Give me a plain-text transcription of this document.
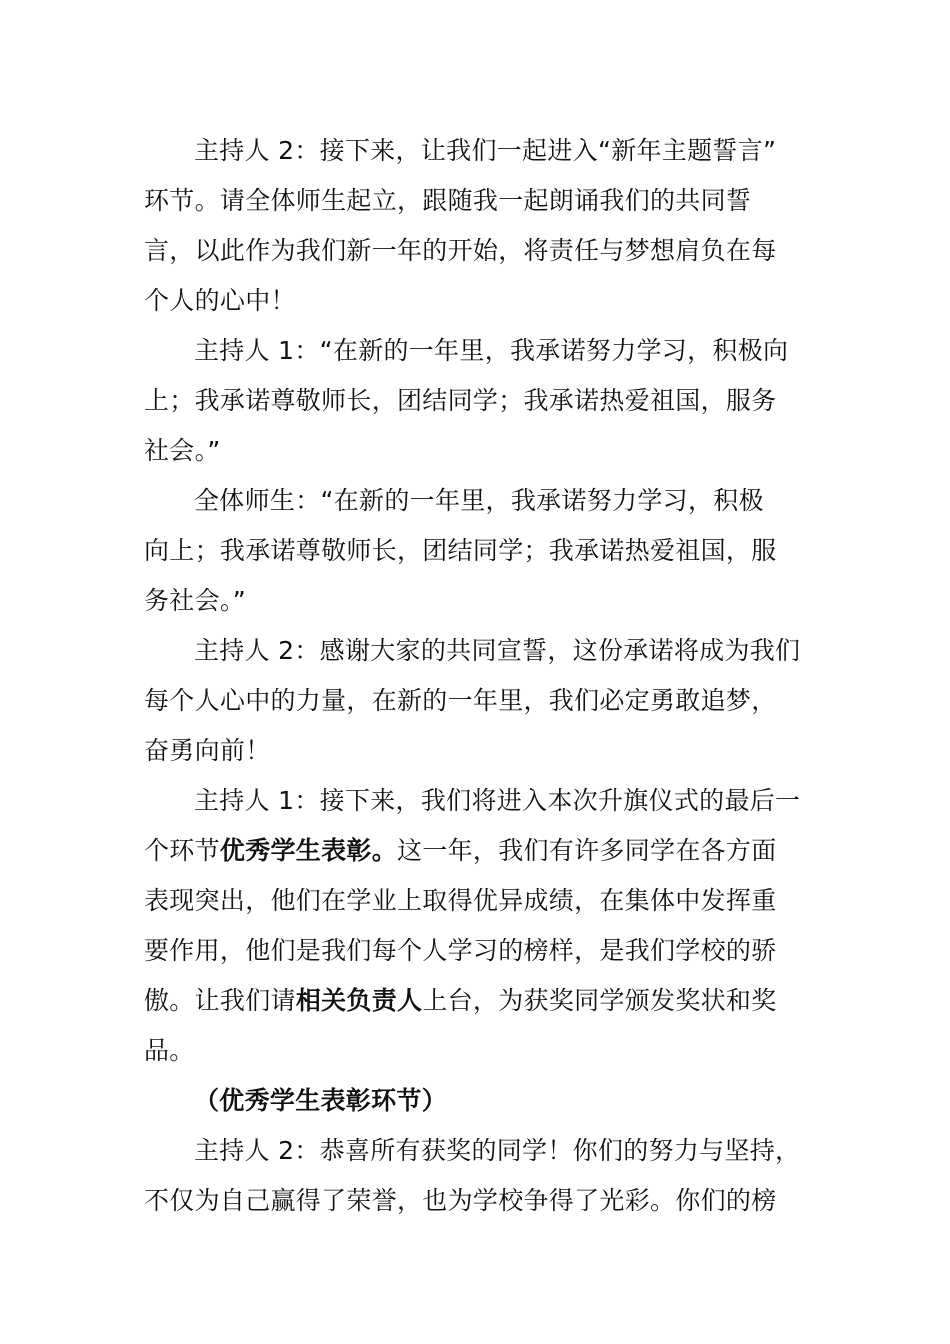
主持人 2：接下来，让我们一起进入“新年主题誓言”
环节。请全体师生起立，跟随我一起朗诵我们的共同誓
言，以此作为我们新一年的开始，将责任与梦想肩负在每
个人的心中！

主持人 1：“在新的一年里，我承诺努力学习，积极向
上；我承诺尊敬师长，团结同学；我承诺热爱祖国，服务
社会。”

全体师生：“在新的一年里，我承诺努力学习，积极
向上；我承诺尊敬师长，团结同学；我承诺热爱祖国，服
务社会。”

主持人 2：感谢大家的共同宣誓，这份承诺将成为我们
每个人心中的力量，在新的一年里，我们必定勇敢追梦，
奋勇向前！

主持人 1：接下来，我们将进入本次升旗仪式的最后一
个环节优秀学生表彰。这一年，我们有许多同学在各方面
表现突出，他们在学业上取得优异成绩，在集体中发挥重
要作用，他们是我们每个人学习的榜样，是我们学校的骄
傲。让我们请相关负责人上台，为获奖同学颁发奖状和奖
品。

（优秀学生表彰环节）

主持人 2：恭喜所有获奖的同学！你们的努力与坚持，
不仅为自己赢得了荣誉，也为学校争得了光彩。你们的榜
